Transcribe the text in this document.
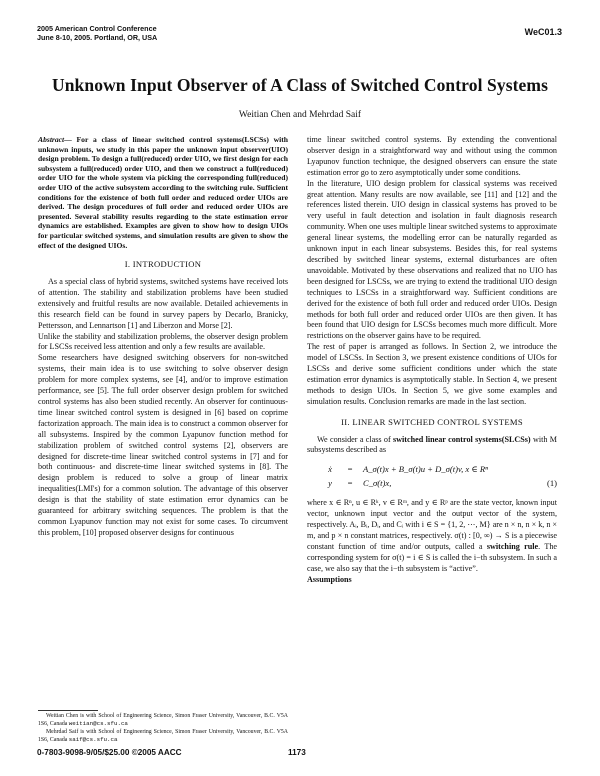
2005 American Control Conference
June 8-10, 2005. Portland, OR, USA
WeC01.3
Unknown Input Observer of A Class of Switched Control Systems
Weitian Chen and Mehrdad Saif

Abstract— For a class of linear switched control systems(LSCSs) with unknown inputs, we study in this paper the unknown input observer(UIO) design problem. To design a full(reduced) order UIO, we first design for each subsystem a full(reduced) order UIO, and then we construct a full(reduced) order UIO for the whole system via picking the corresponding full(reduced) order UIO of the active subsystem according to the switching rule. Sufficient conditions for the existence of both full order and reduced order UIOs are derived. The design procedures of full order and reduced order UIOs are presented. Several stability results regarding to the state estimation error dynamics are established. Examples are given to show how to design UIOs for particular switched systems, and simulation results are given to show the effect of the designed UIOs.

I. INTRODUCTION

As a special class of hybrid systems, switched systems have received lots of attention. The stability and stabilization problems have been studied extensively and fruitful results are now available. Detailed achievements in this research field can be found in survey papers by Decarlo, Branicky, Pettersson, and Lennartson [1] and Liberzon and Morse [2].

Unlike the stability and stabilization problems, the observer design problem for LSCSs received less attention and only a few results are available.

Some researchers have designed switching observers for non-switched systems, their main idea is to use switching to solve observer design problem for more complex systems, see [4], and/or to improve estimation performance, see [5]. The full order observer design problem for switched control systems has also been studied recently. An observer for continuous-time linear switched control system is designed in [6] based on coprime factorization approach. The main idea is to construct a common observer for all subsystems. Inspired by the common Lyapunov function method for stabilization problem of switched control systems [2], observers are designed for discrete-time linear switched control systems in [7] and for both continuous- and discrete-time linear switched systems in [8]. The design problem is reduced to solve a group of linear matrix inequalities(LMI's) for a common solution. The advantage of this observer design is that the stability of state estimation error dynamics can be guaranteed for arbitrary switching sequences. The problem is that the common Lyapunov function may not exist for some cases. To circumvent this problem, [10] proposed observer designs for continuous

time linear switched control systems. By extending the conventional observer design in a straightforward way and without using the common Lyapunov function technique, the designed observers can ensure the state estimation error go to zero asymptotically under some conditions.

In the literature, UIO design problem for classical systems was received great attention. Many results are now available, see [11] and [12] and the references listed therein. UIO design in classical systems has proved to be very useful in fault detection and isolation in fault diagnosis research community. When one uses multiple linear switched systems to approximate general linear systems, the modelling error can be naturally regarded as unknown input in each linear subsystems. Besides this, for real systems described by switched linear systems, external disturbances are often unavoidable. Motivated by these observations and realized that no UIO has been designed for LSCSs, we are trying to extend the traditional UIO design techniques to LSCSs in a straightforward way. Sufficient conditions are derived for the existence of both full order and reduced order UIOs. Design methods for both full order and reduced order UIOs are then given. It has been found that UIO design for LSCSs becomes much more difficult. More restrictions on the observer gains have to be required.

The rest of paper is arranged as follows. In Section 2, we introduce the model of LSCSs. In Section 3, we present existence conditions of UIOs for LSCSs and derive some sufficient conditions under which the state estimation error dynamics is asymptotically stable. In Section 4, we present methods to design UIOs. In Section 5, we give some examples and simulation results. Conclusion remarks are made in the last section.

II. LINEAR SWITCHED CONTROL SYSTEMS

We consider a class of switched linear control systems(SLCSs) with M subsystems described as

ẋ = A_σ(t)x + B_σ(t)u + D_σ(t)v, x ∈ Rⁿ
y = C_σ(t)x,	(1)

where x ∈ Rⁿ, u ∈ Rᵏ, v ∈ Rᵐ, and y ∈ Rᵖ are the state vector, known input vector, unknown input vector and the output vector of the system, respectively. Aᵢ, Bᵢ, Dᵢ, and Cᵢ with i ∈ S = {1, 2, ⋯, M} are n × n, n × k, n × m, and p × n constant matrices, respectively. σ(t) : [0, ∞) → S is a piecewise constant function of time and/or outputs, called a switching rule. The corresponding system for σ(t) = i ∈ S is called the i−th subsystem. In such a case, we also say that the i−th subsystem is “active”.

Assumptions

Weitian Chen is with School of Engineering Science, Simon Fraser University, Vancouver, B.C. V5A 1S6, Canada weitian@cs.sfu.ca

Mehrdad Saif is with School of Engineering Science, Simon Fraser University, Vancouver, B.C. V5A 1S6, Canada saif@cs.sfu.ca

0-7803-9098-9/05/$25.00 ©2005 AACC	1173
